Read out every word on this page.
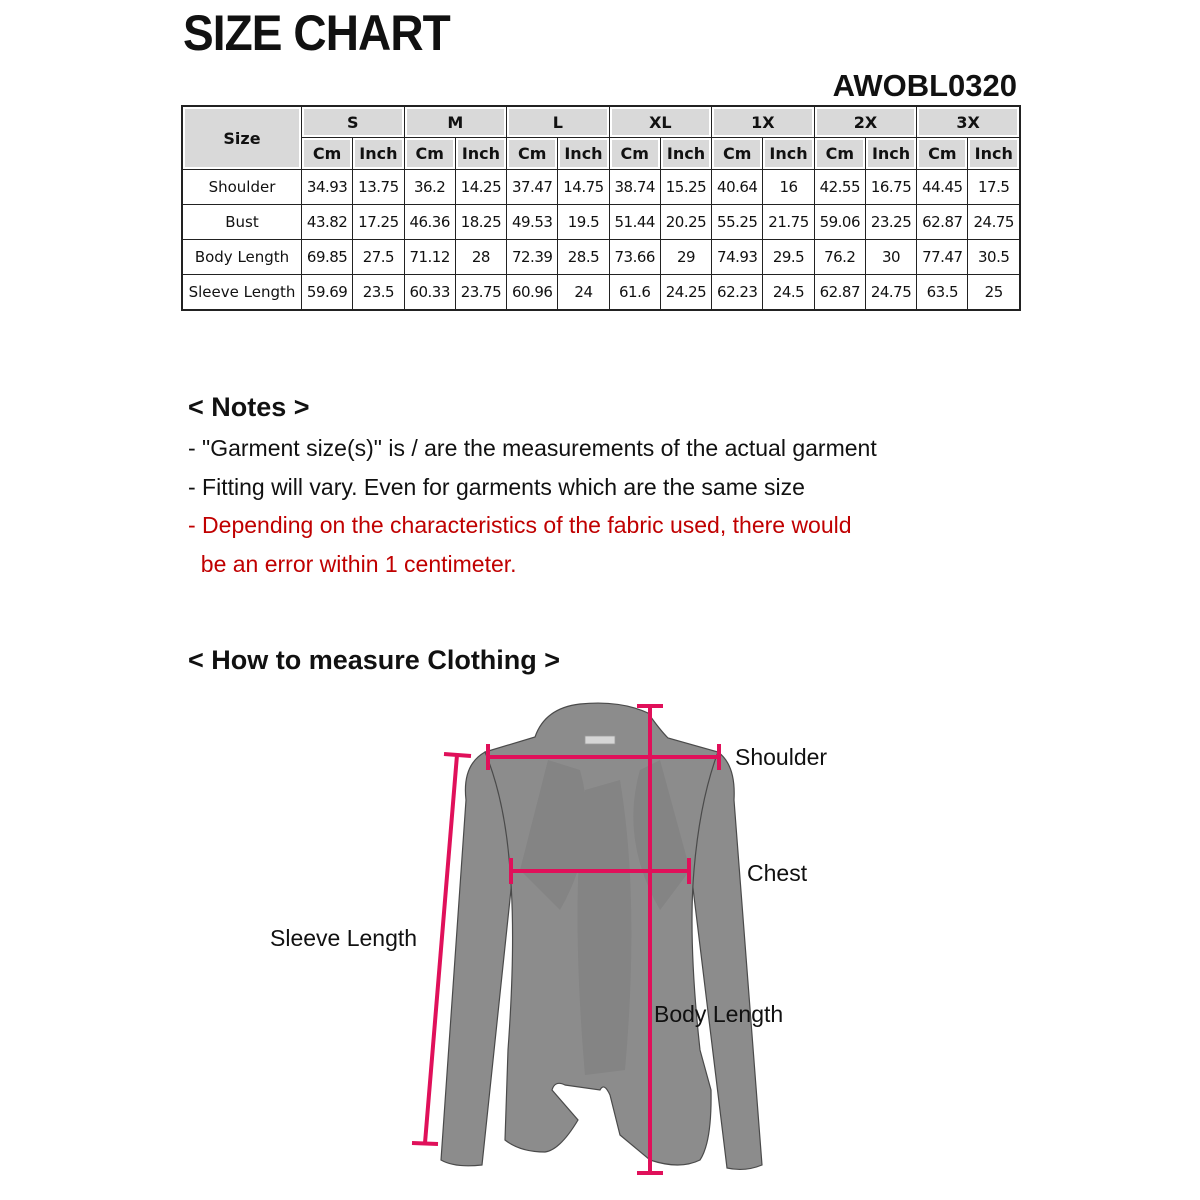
SIZE CHART
AWOBL0320
Size	S		M		L		XL		1X		2X		3X	
	Cm	Inch	Cm	Inch	Cm	Inch	Cm	Inch	Cm	Inch	Cm	Inch	Cm	Inch
Shoulder	34.93	13.75	36.2	14.25	37.47	14.75	38.74	15.25	40.64	16	42.55	16.75	44.45	17.5
Bust	43.82	17.25	46.36	18.25	49.53	19.5	51.44	20.25	55.25	21.75	59.06	23.25	62.87	24.75
Body Length	69.85	27.5	71.12	28	72.39	28.5	73.66	29	74.93	29.5	76.2	30	77.47	30.5
Sleeve Length	59.69	23.5	60.33	23.75	60.96	24	61.6	24.25	62.23	24.5	62.87	24.75	63.5	25
< Notes >
- "Garment size(s)" is / are the measurements of the actual garment
- Fitting will vary. Even for garments which are the same size
- Depending on the characteristics of the fabric used, there would
be an error within 1 centimeter.
< How to measure Clothing >
Shoulder
Chest
Sleeve Length
Body Length
